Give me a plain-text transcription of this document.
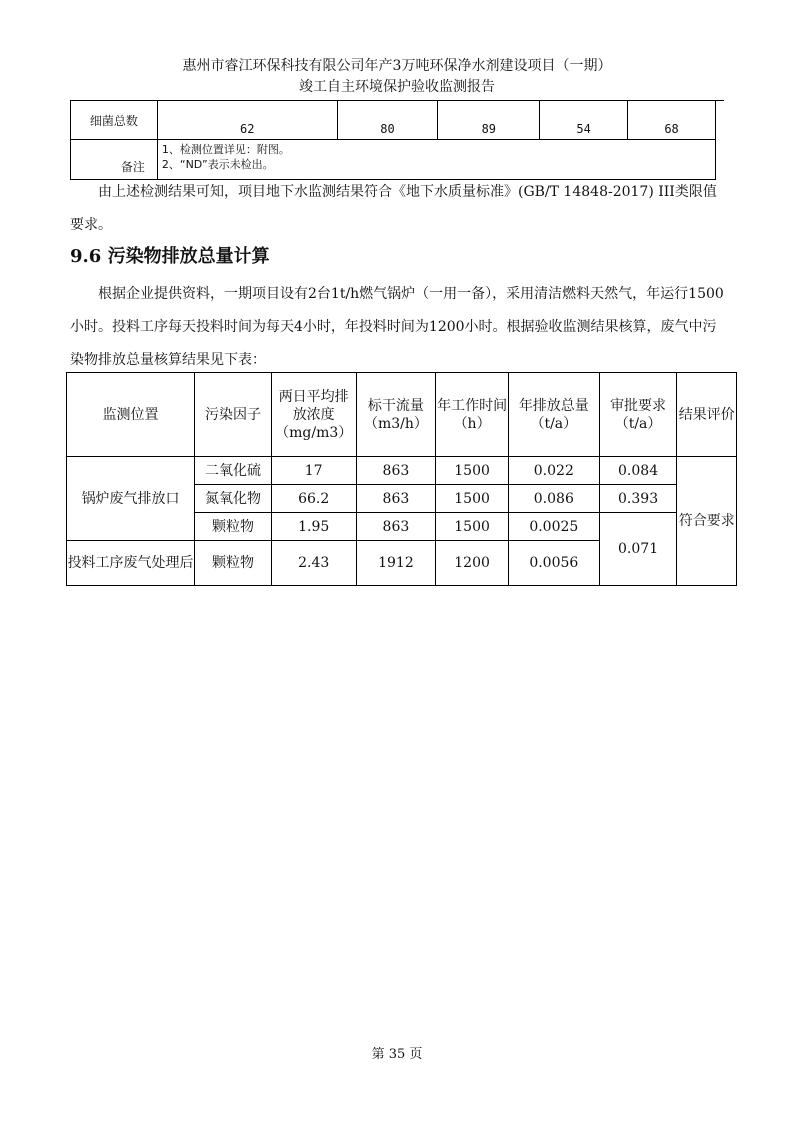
惠州市睿江环保科技有限公司年产3万吨环保净水剂建设项目（一期）
竣工自主环境保护验收监测报告
细菌总数	62	80	89	54	68
备注	1、检测位置详见：附图。
2、“ND”表示未检出。				

由上述检测结果可知，项目地下水监测结果符合《地下水质量标准》(GB/T 14848-2017) III类限值要求。

9.6 污染物排放总量计算

根据企业提供资料，一期项目设有2台1t/h燃气锅炉（一用一备），采用清洁燃料天然气，年运行1500小时。投料工序每天投料时间为每天4小时，年投料时间为1200小时。根据验收监测结果核算，废气中污染物排放总量核算结果见下表：

监测位置	污染因子	两日平均排放浓度（mg/m3）	标干流量（m3/h）	年工作时间（h）	年排放总量（t/a）	审批要求（t/a）	结果评价
锅炉废气排放口	二氧化硫	17	863	1500	0.022	0.084	符合要求
	氮氧化物	66.2	863	1500	0.086	0.393	
	颗粒物	1.95	863	1500	0.0025	0.071	
投料工序废气处理后	颗粒物	2.43	1912	1200	0.0056		
第 35 页
